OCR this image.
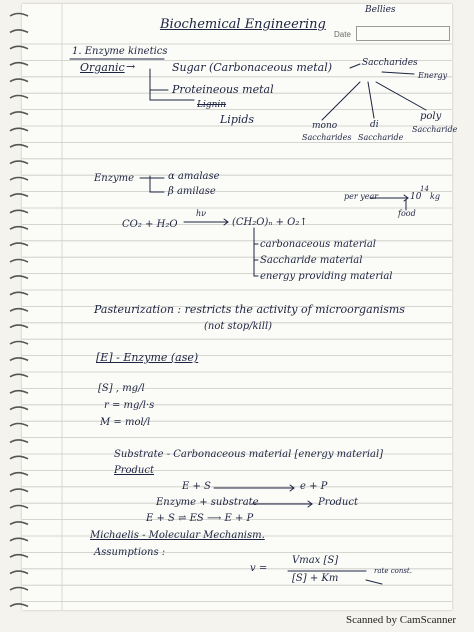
Bellies
Biochemical Engineering
Date
1. Enzyme kinetics
Organic →	Sugar (Carbonaceous metal)	Saccharides
Energy
Proteineous metal
Lignin
Lipids	mono
Saccharides
di
Saccharide
poly
Saccharide
Enzyme	α amalase
β amilase	per year	10
14
kg
food
CO₂ + H₂O
hν
(CH₂O)ₙ + O₂↑
carbonaceous material
Saccharide material
energy providing material
Pasteurization : restricts the activity of microorganisms
(not stop/kill)
[E] - Enzyme (ase)
[S] , mg/l
r = mg/l·s
M = mol/l
Substrate - Carbonaceous material [energy material]
Product
E + S	e + P
Enzyme + substrate	Product
E + S ⇌ ES ⟶ E + P
Michaelis - Molecular Mechanism.
Assumptions :
v =
Vmax [S]
[S] + Km
rate const.
Scanned by CamScanner
